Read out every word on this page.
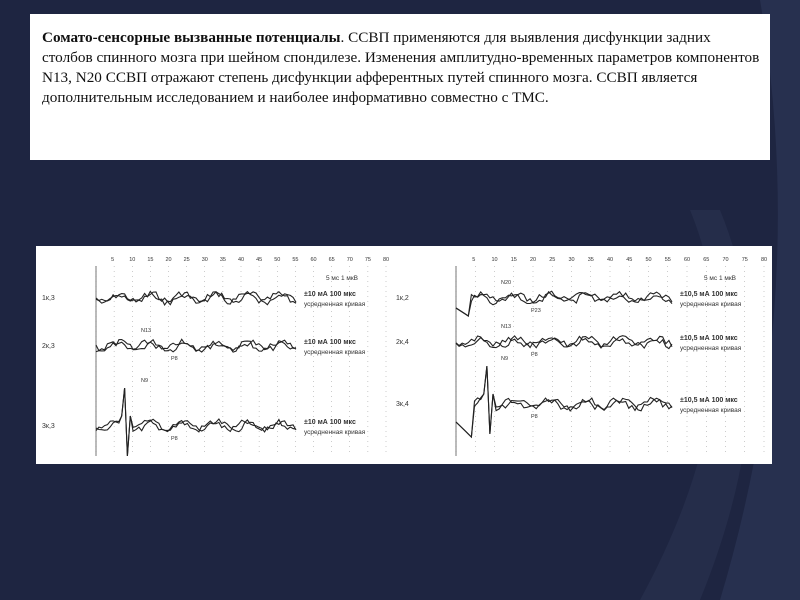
Сомато-сенсорные вызванные потенциалы. ССВП применяются для выявления дисфункции задних столбов спинного мозга при шейном спондилезе. Изменения амплитудно-временных параметров компонентов N13, N20 ССВП отражают степень дисфункции афферентных путей спинного мозга. ССВП является дополнительным исследованием и наиболее информативно совместно с ТМС.

5	10 15 20 25 30 35 40 45 50 55 60 65 70 75 80
5 мс 1 мкВ
1к,3
±10 мА 100 мкс
усредненная кривая
2к,3
±10 мА 100 мкс
усредненная кривая
N13
P8
3к,3
±10 мА 100 мкс
усредненная кривая
N9
P8
5	10 15 20 25 30 35 40 45 50 55 60 65 70 75 80
5 мс 1 мкВ
1к,2
±10,5 мА 100 мкс
усредненная кривая
N20
P23
2к,4
±10,5 мА 100 мкс
усредненная кривая
N13
P8
3к,4
±10,5 мА 100 мкс
усредненная кривая
N9
P8
